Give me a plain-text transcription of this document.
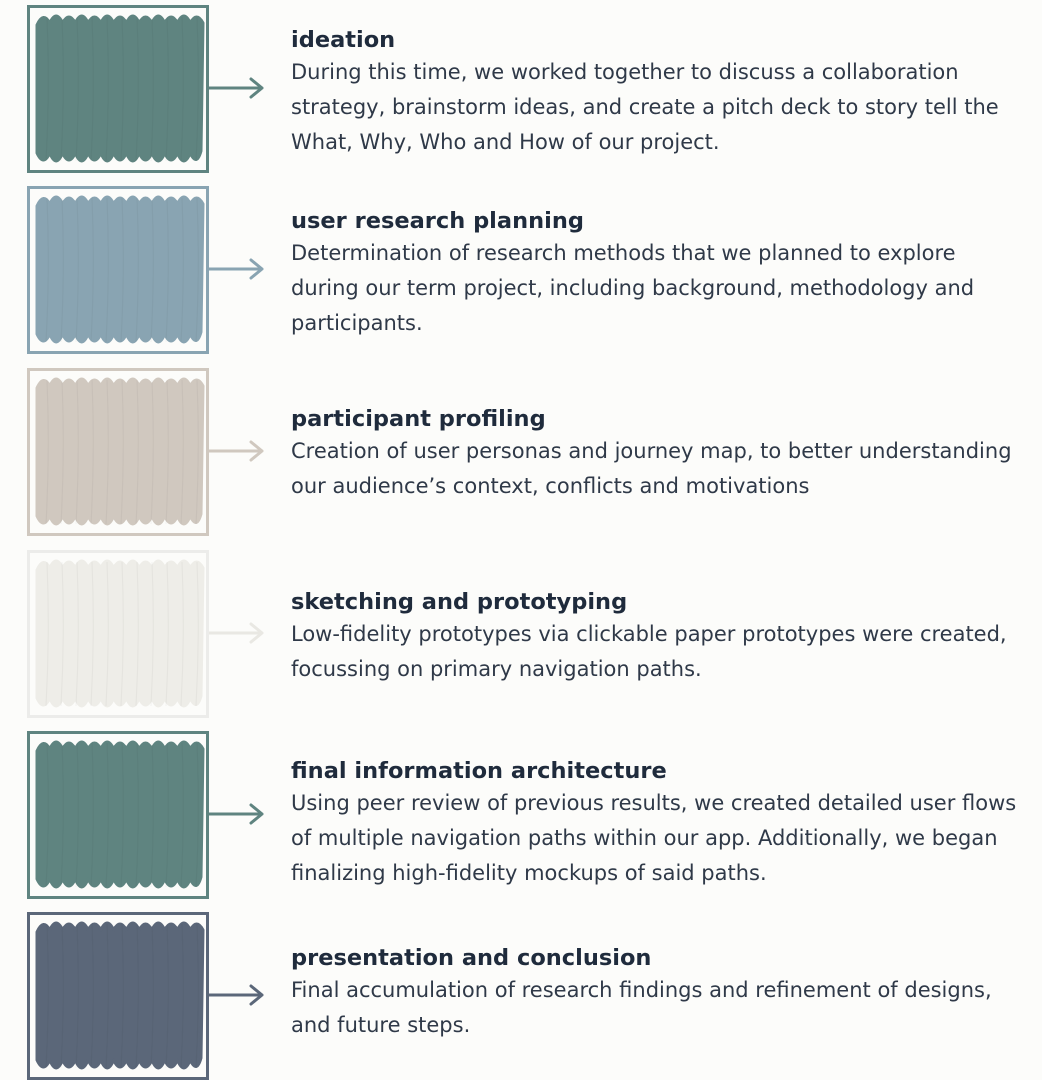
ideation
During this time, we worked together to discuss a collaboration strategy, brainstorm ideas, and create a pitch deck to story tell the What, Why, Who and How of our project.
user research planning
Determination of research methods that we planned to explore during our term project, including background, methodology and participants.
participant profiling
Creation of user personas and journey map, to better understanding our audience’s context, conflicts and motivations
sketching and prototyping
Low-fidelity prototypes via clickable paper prototypes were created, focussing on primary navigation paths.
final information architecture
Using peer review of previous results, we created detailed user flows of multiple navigation paths within our app. Additionally, we began finalizing high-fidelity mockups of said paths.
presentation and conclusion
Final accumulation of research findings and refinement of designs, and future steps.
